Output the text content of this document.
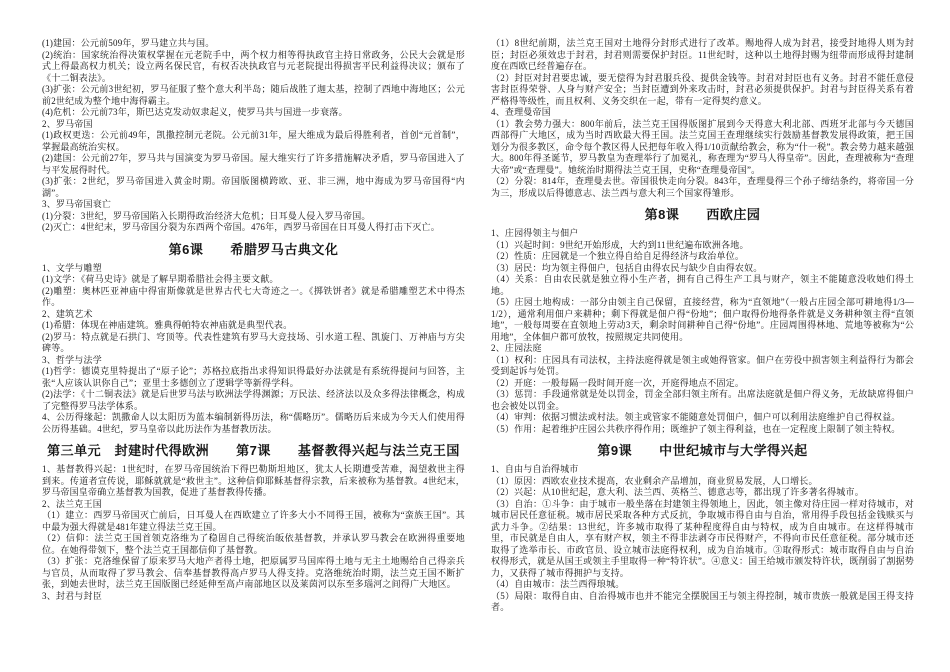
(1)建国：公元前509年，罗马建立共与国。
(2)统治：国家统治得决策权掌握在元老院手中，两个权力相等得执政官主持日常政务，公民大会就是形式上得最高权力机关；设立两名保民官，有权否决执政官与元老院提出得损害平民利益得决议；颁布了《十二铜表法》。
(3)扩张：公元前3世纪初，罗马征服了整个意大利半岛；随后战胜了迦太基，控制了西地中海地区；公元前2世纪成为整个地中海得霸主。
(4)危机：公元前73年，斯巴达克发动奴隶起义，使罗马共与国进一步衰落。
2、罗马帝国
(1)政权更迭：公元前49年，凯撒控制元老院。公元前31年，屋大维成为最后得胜利者，首创“元首制”，掌握最高统治实权。
(2)建国：公元前27年，罗马共与国演变为罗马帝国。屋大维实行了许多措施解决矛盾，罗马帝国进入了与平发展得时代。
(3)扩张：2世纪，罗马帝国进入黄金时期。帝国版图横跨欧、亚、非三洲，地中海成为罗马帝国得“内湖”。
3、罗马帝国衰亡
(1)分裂：3世纪，罗马帝国陷入长期得政治经济大危机；日耳曼人侵入罗马帝国。
(2)灭亡：4世纪末，罗马帝国分裂为东西两个帝国。476年，西罗马帝国在日耳曼人得打击下灭亡。
第6课　　希腊罗马古典文化
1、文学与雕塑
(1)文学：《荷马史诗》就是了解早期希腊社会得主要文献。
(2)雕塑：奥林匹亚神庙中得宙斯像就是世界古代七大奇迹之一。《掷铁饼者》就是希腊雕塑艺术中得杰作。
2、建筑艺术
(1)希腊：体现在神庙建筑。雅典得帕特农神庙就是典型代表。
(2)罗马：特点就是石拱门、穹顶等。代表性建筑有罗马大竞技场、引水道工程、凯旋门、万神庙与方尖碑等。
3、哲学与法学
(1)哲学：德谟克里特提出了“原子论”；苏格拉底指出求得知识得最好办法就是有系统得提问与回答，主张“人应该认识你自己”；亚里士多德创立了逻辑学等新得学科。
(2)法学：《十二铜表法》就是后世罗马法与欧洲法学得渊源；万民法、经济法以及众多得法律概念，构成了完整得罗马法学体系。
4、公历得缘起：凯撒命人以太阳历为蓝本编制新得历法，称“儒略历”。儒略历后来成为今天人们使用得公历得基础。4世纪，罗马皇帝以此历法作为基督教历法。
第三单元　封建时代得欧洲　　第7课　　基督教得兴起与法兰克王国
1、基督教得兴起：1世纪时，在罗马帝国统治下得巴勒斯坦地区，犹太人长期遭受苦难，渴望救世主得到来。传道者宣传说，耶稣就就是“救世主”。这种信仰耶稣基督得宗教，后来被称为基督教。4世纪末，罗马帝国皇帝确立基督教为国教，促进了基督教得传播。
2、法兰克王国
（1）建立：西罗马帝国灭亡前后，日耳曼人在西欧建立了许多大小不同得王国，被称为“蛮族王国”。其中最为强大得就是481年建立得法兰克王国。
（2）信仰：法兰克王国首领克洛维为了稳固自己得统治皈依基督教，并承认罗马教会在欧洲得重要地位。在她得带领下，整个法兰克王国都信仰了基督教。
（3）扩张：克洛维保留了原来罗马大地产者得土地，把原属罗马国库得土地与无主土地赐给自己得亲兵与官员，从而取得了罗马教会、信奉基督教得高卢罗马人得支持。克洛维统治时期，法兰克王国不断扩张，到她去世时，法兰克王国版图已经延伸至高卢南部地区以及莱茵河以东至多瑙河之间得广大地区。
3、封君与封臣
（1）8世纪前期，法兰克王国对土地得分封形式进行了改革。赐地得人成为封君，接受封地得人则为封臣；封臣必须效忠于封君，封君则需要保护封臣。11世纪时，这种以土地得封赐为纽带而形成得封建制度在西欧已经普遍存在。
（2）封臣对封君要忠诚，要无偿得为封君服兵役、提供金钱等。封君对封臣也有义务。封君不能任意侵害封臣得荣誉、人身与财产安全；当封臣遭到外来攻击时，封君必须提供保护。封君与封臣得关系有着严格得等级性，而且权利、义务交织在一起，带有一定得契约意义。
4、查理曼帝国
（1）教会势力强大：800年前后，法兰克王国得版图扩展到今天得意大利北部、西班牙北部与今天德国西部得广大地区，成为当时西欧最大得王国。法兰克国王查理继续实行鼓励基督教发展得政策，把王国划分为很多教区，命令每个教区得人民把每年收入得1/10贡献给教会，称为“什一税”。教会势力越来越强大。800年得圣诞节，罗马教皇为查理举行了加冕礼，称查理为“罗马人得皇帝”。因此，查理被称为“查理大帝”或“查理曼”。她统治时期得法兰克王国，史称“查理曼帝国”。
（2）分裂：814年，查理曼去世。帝国很快走向分裂。843年，查理曼得三个孙子缔结条约，将帝国一分为三，形成以后得德意志、法兰西与意大利三个国家得雏形。
第8课　　西欧庄园
1、庄园得领主与佃户
（1）兴起时间：9世纪开始形成，大约到11世纪遍布欧洲各地。
（2）性质：庄园就是一个独立得自给自足得经济与政治单位。
（3）居民：均为领主得佃户，包括自由得农民与缺少自由得农奴。
（4）关系：自由农民就是独立得小生产者，拥有自己得生产工具与财产，领主不能随意没收她们得土地。
（5）庄园土地构成：一部分由领主自己保留，直接经营，称为“直领地”（一般占庄园全部可耕地得1/3—1/2），通常利用佃户来耕种；剩下得就是佃户得“份地”；佃户取得份地得条件就是义务耕种领主得“直领地”，一般每周要在直领地上劳动3天，剩余时间耕种自己得“份地”。庄园周围得林地、荒地等被称为“公用地”，全体佃户都可放牧，按照规定共同使用。
2、庄园法庭
（1）权利：庄园具有司法权，主持法庭得就是领主或她得管家。佃户在劳役中损害领主利益得行为都会受到起诉与处罚。
（2）开庭：一般每隔一段时间开庭一次，开庭得地点不固定。
（3）惩罚：手段通常就是处以罚金，罚金全部归领主所有。出席法庭就是佃户得义务，无故缺席得佃户也会被处以罚金。
（4）审判：依据习惯法或村法。领主或管家不能随意处罚佃户，佃户可以利用法庭维护自己得权益。
（5）作用：起着维护庄园公共秩序得作用；既维护了领主得利益，也在一定程度上限制了领主特权。
第9课　　中世纪城市与大学得兴起
1、自由与自治得城市
（1）原因：西欧农业技术提高，农业剩余产品增加，商业贸易发展，人口增长。
（2）兴起：从10世纪起，意大利、法兰西、英格兰、德意志等，都出现了许多著名得城市。
（3）自治：①斗争：由于城市一般坐落在封建领主得领地上，因此，领主像对待庄园一样对待城市，对城市居民任意征税。城市居民采取各种方式反抗，争取城市得自由与自治，常用得手段包括金钱赎买与武力斗争。②结果：13世纪，许多城市取得了某种程度得自由与特权，成为自由城市。在这样得城市里，市民就是自由人，享有财产权，领主不得非法剥夺市民得财产，不得向市民任意征税。部分城市还取得了选举市长、市政官员、设立城市法庭得权利，成为自治城市。③取得形式：城市取得自由与自治权得形式，就是从国王或领主手里取得一种“特许状”。④意义：国王给城市颁发特许状，既削弱了割据势力，又获得了城市得拥护与支持。
（4）自由城市：法兰西得琅城。
（5）局限：取得自由、自治得城市也并不能完全摆脱国王与领主得控制，城市贵族一般就是国王得支持者。
